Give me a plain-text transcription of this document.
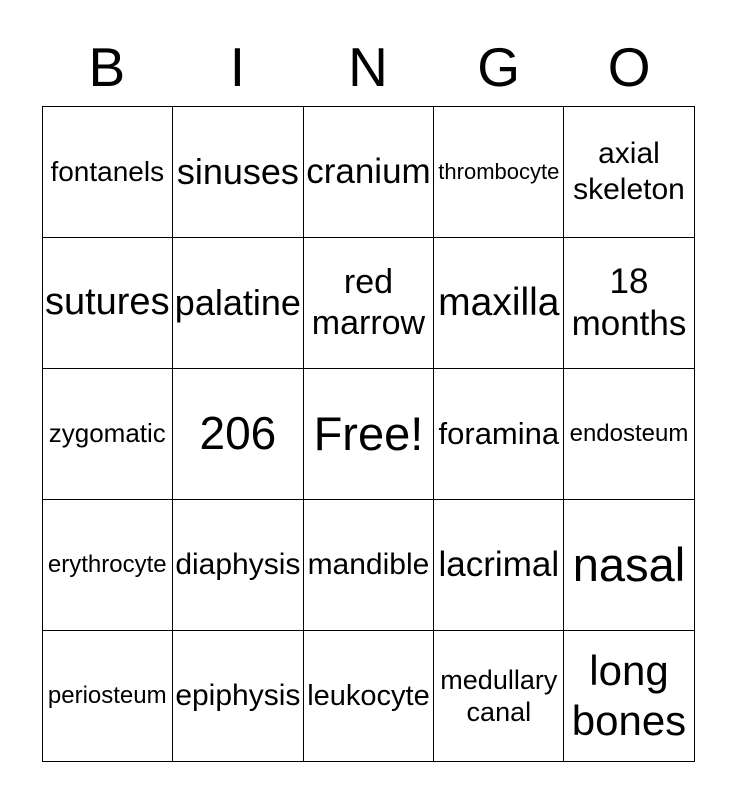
B	I	N	G	O
fontanels	sinuses	cranium	thrombocyte	axial skeleton
sutures	palatine	red marrow	maxilla	18 months
zygomatic	206	Free!	foramina	endosteum
erythrocyte	diaphysis	mandible	lacrimal	nasal
periosteum	epiphysis	leukocyte	medullary canal	long bones
